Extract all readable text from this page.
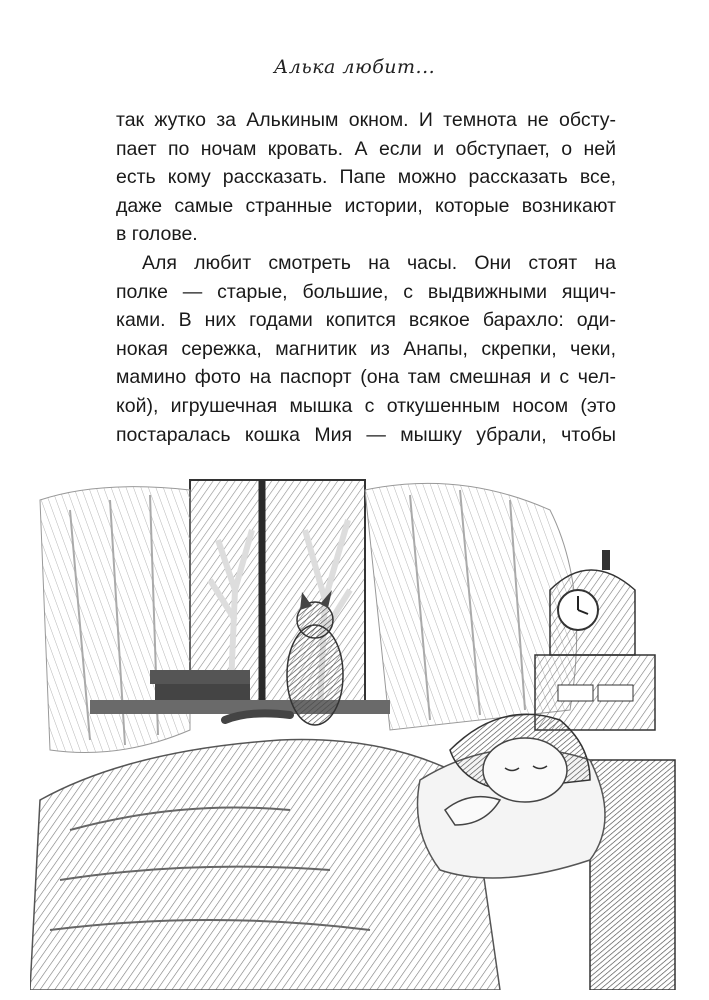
Алька любит...
так жутко за Алькиным окном. И темнота не обсту-
пает по ночам кровать. А если и обступает, о ней
есть кому рассказать. Папе можно рассказать все,
даже самые странные истории, которые возникают
в голове.
Аля любит смотреть на часы. Они стоят на
полке — старые, большие, с выдвижными ящич-
ками. В них годами копится всякое барахло: оди-
нокая сережка, магнитик из Анапы, скрепки, чеки,
мамино фото на паспорт (она там смешная и с чел-
кой), игрушечная мышка с откушенным носом (это
постаралась кошка Мия — мышку убрали, чтобы
